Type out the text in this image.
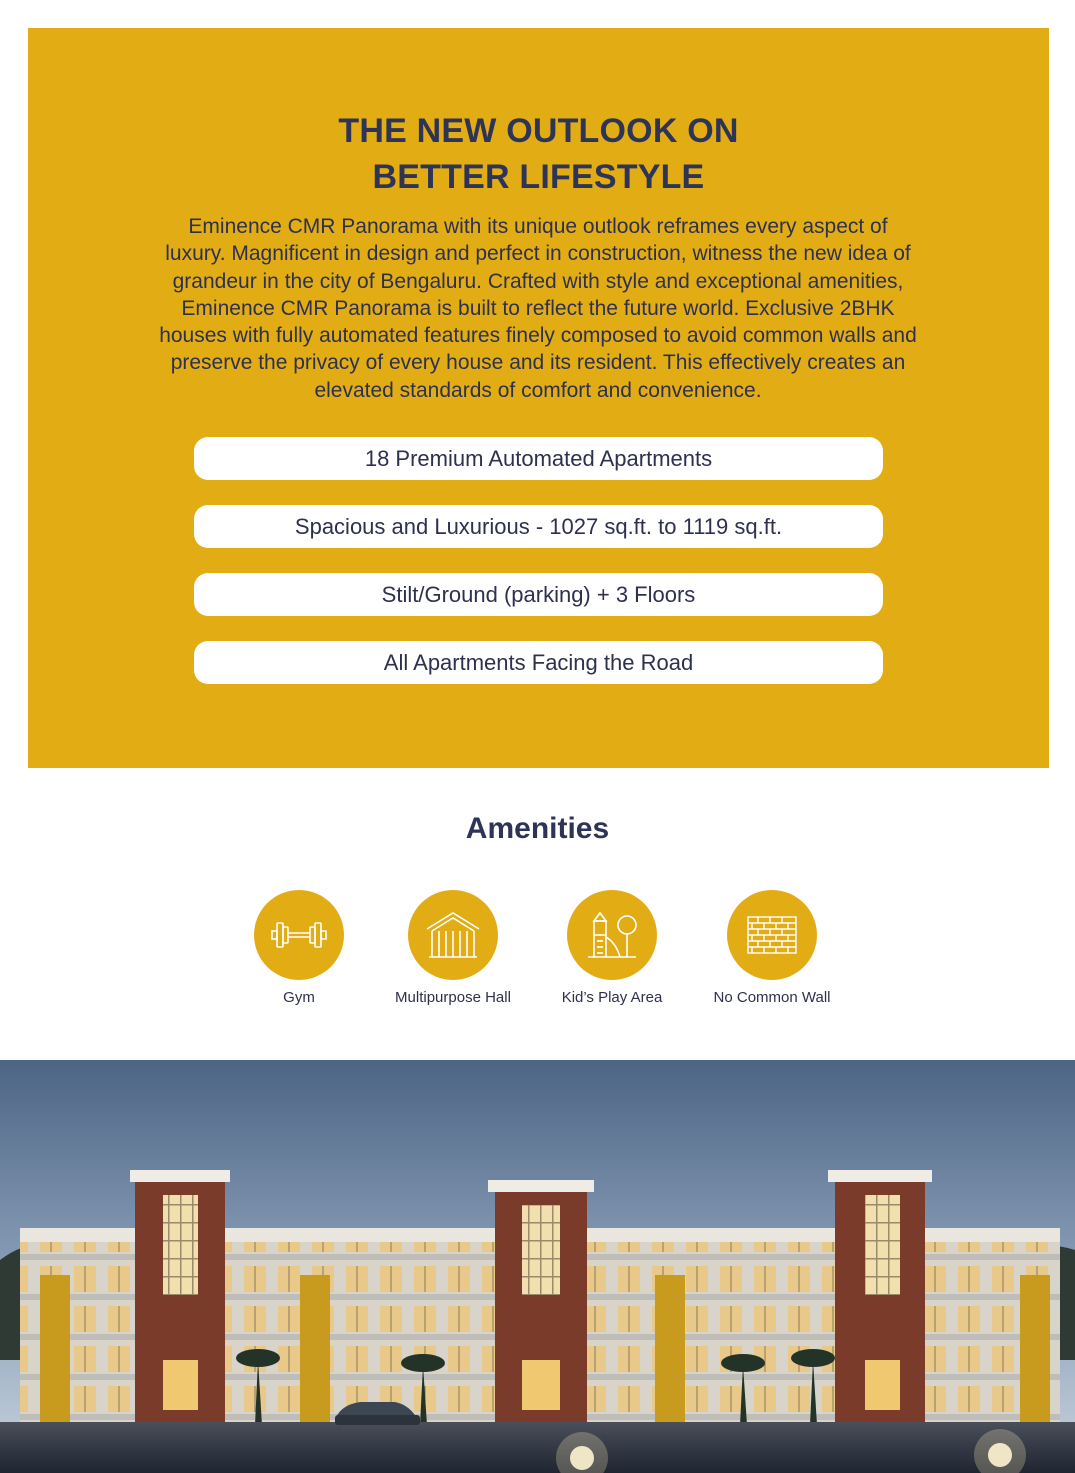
THE NEW OUTLOOK ON
BETTER LIFESTYLE

Eminence CMR Panorama with its unique outlook reframes every aspect of luxury. Magnificent in design and perfect in construction, witness the new idea of grandeur in the city of Bengaluru. Crafted with style and exceptional amenities, Eminence CMR Panorama is built to reflect the future world. Exclusive 2BHK houses with fully automated features finely composed to avoid common walls and preserve the privacy of every house and its resident. This effectively creates an elevated standards of comfort and convenience.

18 Premium Automated Apartments
Spacious and Luxurious - 1027 sq.ft. to 1119 sq.ft.
Stilt/Ground (parking) + 3 Floors
All Apartments Facing the Road
Amenities
Gym	Multipurpose Hall	Kid’s Play Area	No Common Wall
